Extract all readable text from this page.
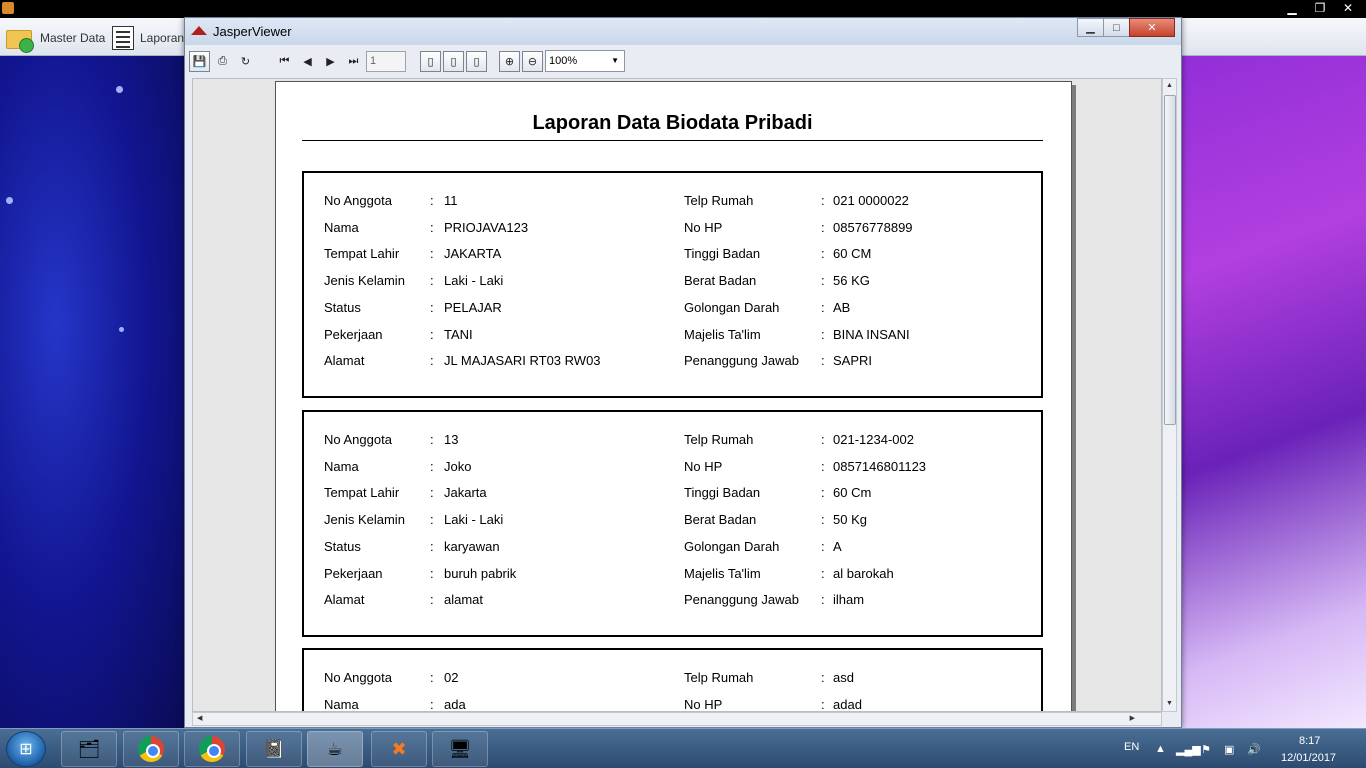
▁	❐	✕
Master Data	Laporan JasperViewer	▁	□	✕
💾 ⎙ ↻	⏮ ◀ ▶ ⏭	1	▯ ▯ ▯ ⊕ ⊖	100% ▼
Laporan Data Biodata Pribadi
No Anggota	: 11	Telp Rumah	: 021 0000022
Nama	: PRIOJAVA123	No HP	: 08576778899
Tempat Lahir : JAKARTA	Tinggi Badan	: 60 CM
Jenis Kelamin : Laki - Laki	Berat Badan	: 56 KG
Status	: PELAJAR	Golongan Darah	: AB
Pekerjaan	: TANI	Majelis Ta'lim	: BINA INSANI
Alamat	: JL MAJASARI RT03 RW03	Penanggung Jawab : SAPRI
No Anggota	: 13	Telp Rumah	: 021-1234-002
Nama	: Joko	No HP	: 0857146801123
Tempat Lahir : Jakarta	Tinggi Badan	: 60 Cm
Jenis Kelamin : Laki - Laki	Berat Badan	: 50 Kg
Status	: karyawan	Golongan Darah	: A
Pekerjaan	: buruh pabrik	Majelis Ta'lim	: al barokah
Alamat	: alamat	Penanggung Jawab : ilham
No Anggota	: 02	Telp Rumah	: asd
Nama	: ada	No HP	: adad
▲
▼
◀	▶
⊞ 🗂	📓 ☕	✖ 🖥	EN ▲ ▂▄▆ ⚑ ▣ 🔊
8:17
12/01/2017
